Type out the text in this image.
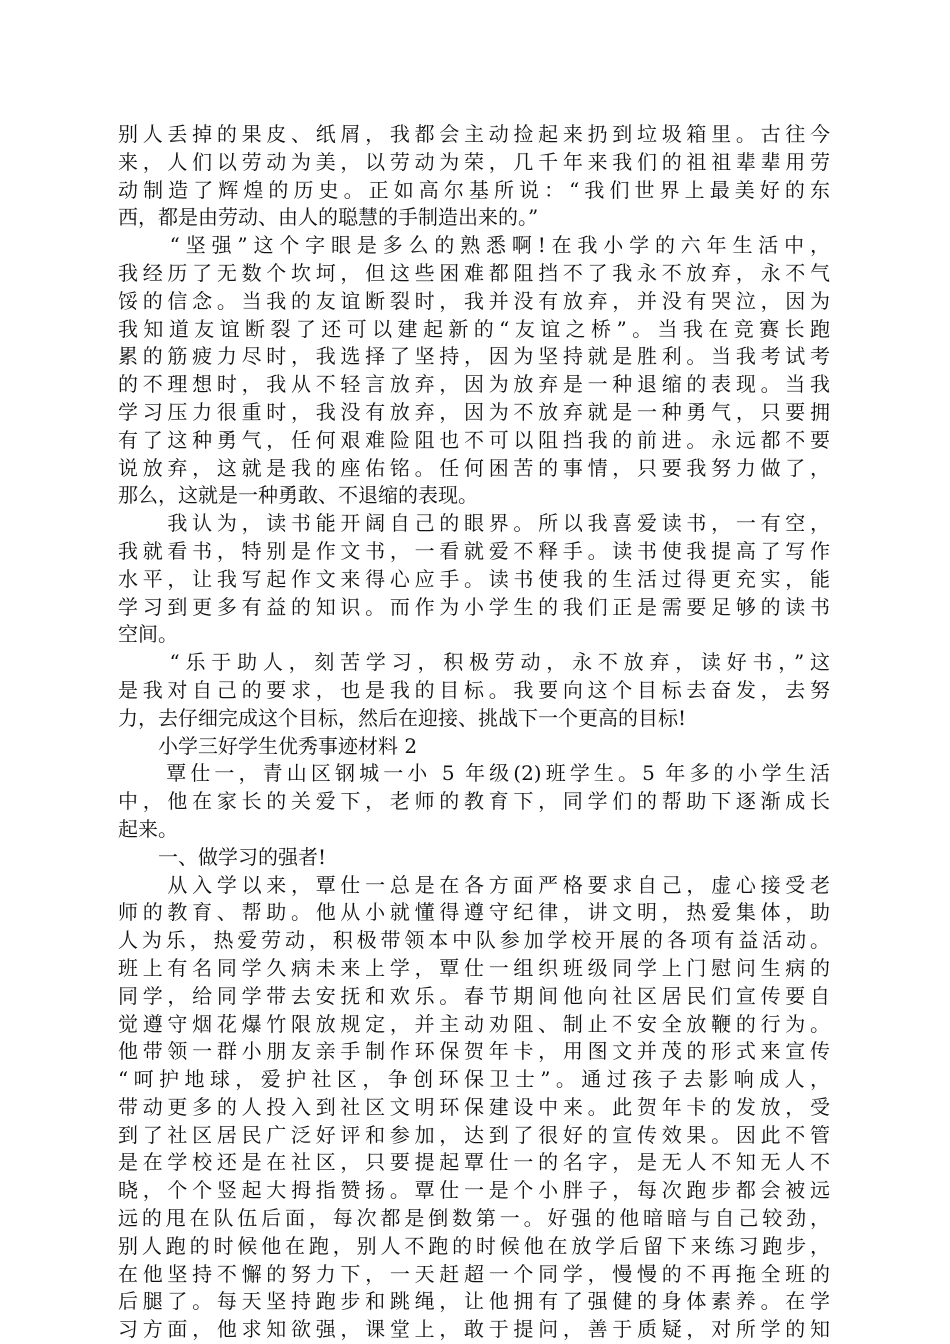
别人丢掉的果皮、纸屑，我都会主动捡起来扔到垃圾箱里。古往今
来，人们以劳动为美，以劳动为荣，几千年来我们的祖祖辈辈用劳
动制造了辉煌的历史。正如高尔基所说：“我们世界上最美好的东
西，都是由劳动、由人的聪慧的手制造出来的。”
　　“坚强”这个字眼是多么的熟悉啊!在我小学的六年生活中，
我经历了无数个坎坷，但这些困难都阻挡不了我永不放弃，永不气
馁的信念。当我的友谊断裂时，我并没有放弃，并没有哭泣，因为
我知道友谊断裂了还可以建起新的“友谊之桥”。当我在竞赛长跑
累的筋疲力尽时，我选择了坚持，因为坚持就是胜利。当我考试考
的不理想时，我从不轻言放弃，因为放弃是一种退缩的表现。当我
学习压力很重时，我没有放弃，因为不放弃就是一种勇气，只要拥
有了这种勇气，任何艰难险阻也不可以阻挡我的前进。永远都不要
说放弃，这就是我的座佑铭。任何困苦的事情，只要我努力做了，
那么，这就是一种勇敢、不退缩的表现。
　　我认为，读书能开阔自己的眼界。所以我喜爱读书，一有空，
我就看书，特别是作文书，一看就爱不释手。读书使我提高了写作
水平，让我写起作文来得心应手。读书使我的生活过得更充实，能
学习到更多有益的知识。而作为小学生的我们正是需要足够的读书
空间。
　　“乐于助人，刻苦学习，积极劳动，永不放弃，读好书，”这
是我对自己的要求，也是我的目标。我要向这个目标去奋发，去努
力，去仔细完成这个目标，然后在迎接、挑战下一个更高的目标!
　　小学三好学生优秀事迹材料 2
　　覃仕一，青山区钢城一小 5 年级(2)班学生。5 年多的小学生活
中，他在家长的关爱下，老师的教育下，同学们的帮助下逐渐成长
起来。
　　一、做学习的强者!
　　从入学以来，覃仕一总是在各方面严格要求自己，虚心接受老
师的教育、帮助。他从小就懂得遵守纪律，讲文明，热爱集体，助
人为乐，热爱劳动，积极带领本中队参加学校开展的各项有益活动。
班上有名同学久病未来上学，覃仕一组织班级同学上门慰问生病的
同学，给同学带去安抚和欢乐。春节期间他向社区居民们宣传要自
觉遵守烟花爆竹限放规定，并主动劝阻、制止不安全放鞭的行为。
他带领一群小朋友亲手制作环保贺年卡，用图文并茂的形式来宣传
“呵护地球，爱护社区，争创环保卫士”。通过孩子去影响成人，
带动更多的人投入到社区文明环保建设中来。此贺年卡的发放，受
到了社区居民广泛好评和参加，达到了很好的宣传效果。因此不管
是在学校还是在社区，只要提起覃仕一的名字，是无人不知无人不
晓，个个竖起大拇指赞扬。覃仕一是个小胖子，每次跑步都会被远
远的甩在队伍后面，每次都是倒数第一。好强的他暗暗与自己较劲，
别人跑的时候他在跑，别人不跑的时候他在放学后留下来练习跑步，
在他坚持不懈的努力下，一天赶超一个同学，慢慢的不再拖全班的
后腿了。每天坚持跑步和跳绳，让他拥有了强健的身体素养。在学
习方面，他求知欲强，课堂上，敢于提问，善于质疑，对所学的知
